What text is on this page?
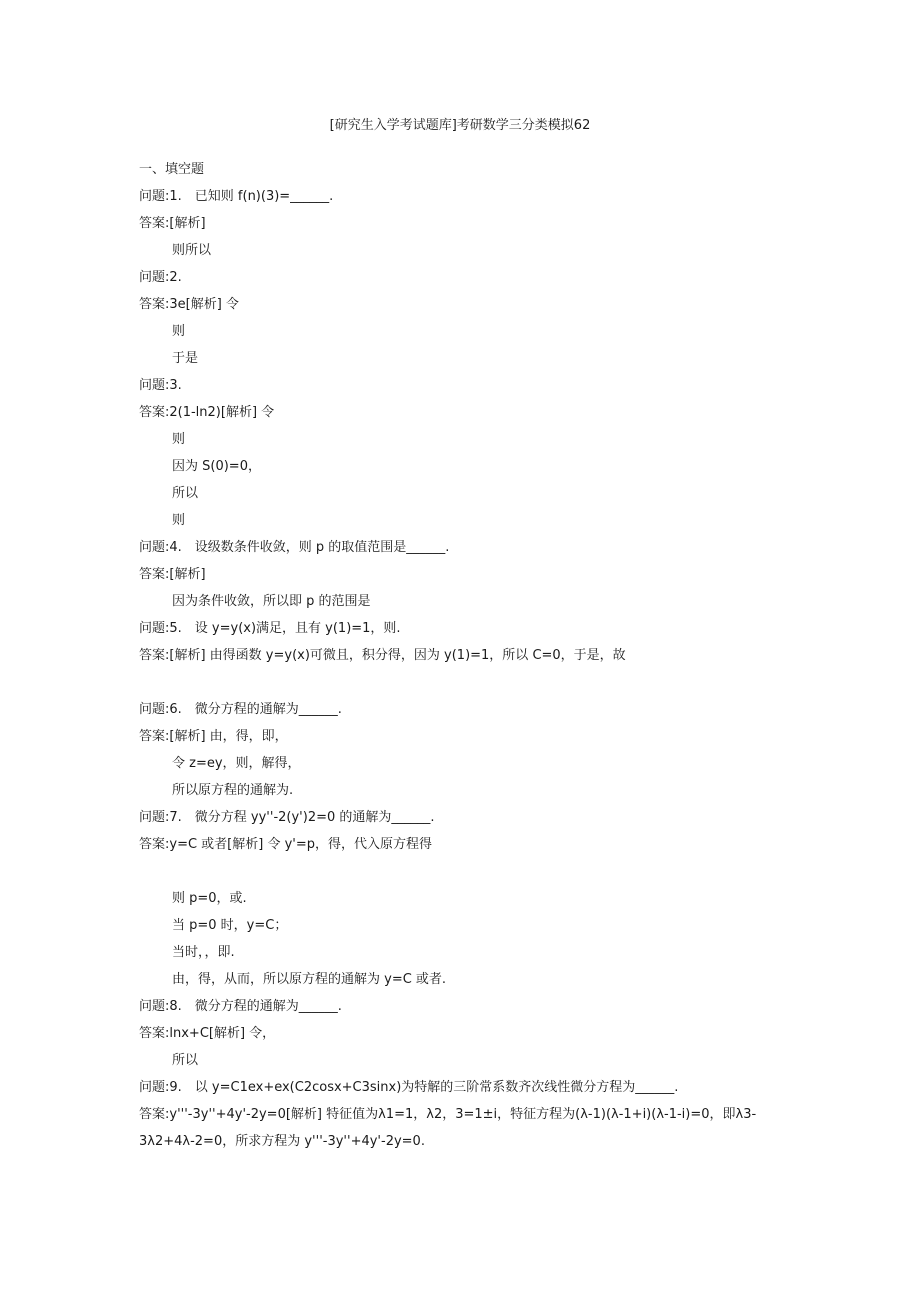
[研究生入学考试题库]考研数学三分类模拟62
一、填空题
问题:1.　已知则 f(n)(3)=______.
答案:[解析]
则所以
问题:2.
答案:3e[解析] 令
则
于是
问题:3.
答案:2(1-ln2)[解析] 令
则
因为 S(0)=0，
所以
则
问题:4.　设级数条件收敛，则 p 的取值范围是______.
答案:[解析]
因为条件收敛，所以即 p 的范围是
问题:5.　设 y=y(x)满足，且有 y(1)=1，则.
答案:[解析] 由得函数 y=y(x)可微且，积分得，因为 y(1)=1，所以 C=0，于是，故
问题:6.　微分方程的通解为______.
答案:[解析] 由，得，即，
令 z=ey，则，解得，
所以原方程的通解为.
问题:7.　微分方程 yy''-2(y')2=0 的通解为______.
答案:y=C 或者[解析] 令 y'=p，得，代入原方程得
则 p=0，或.
当 p=0 时，y=C；
当时，，即.
由，得，从而，所以原方程的通解为 y=C 或者.
问题:8.　微分方程的通解为______.
答案:lnx+C[解析] 令，
所以
问题:9.　以 y=C1ex+ex(C2cosx+C3sinx)为特解的三阶常系数齐次线性微分方程为______.
答案:y'''-3y''+4y'-2y=0[解析] 特征值为λ1=1，λ2，3=1±i，特征方程为(λ-1)(λ-1+i)(λ-1-i)=0，即λ3-3λ2+4λ-2=0，所求方程为 y'''-3y''+4y'-2y=0.
